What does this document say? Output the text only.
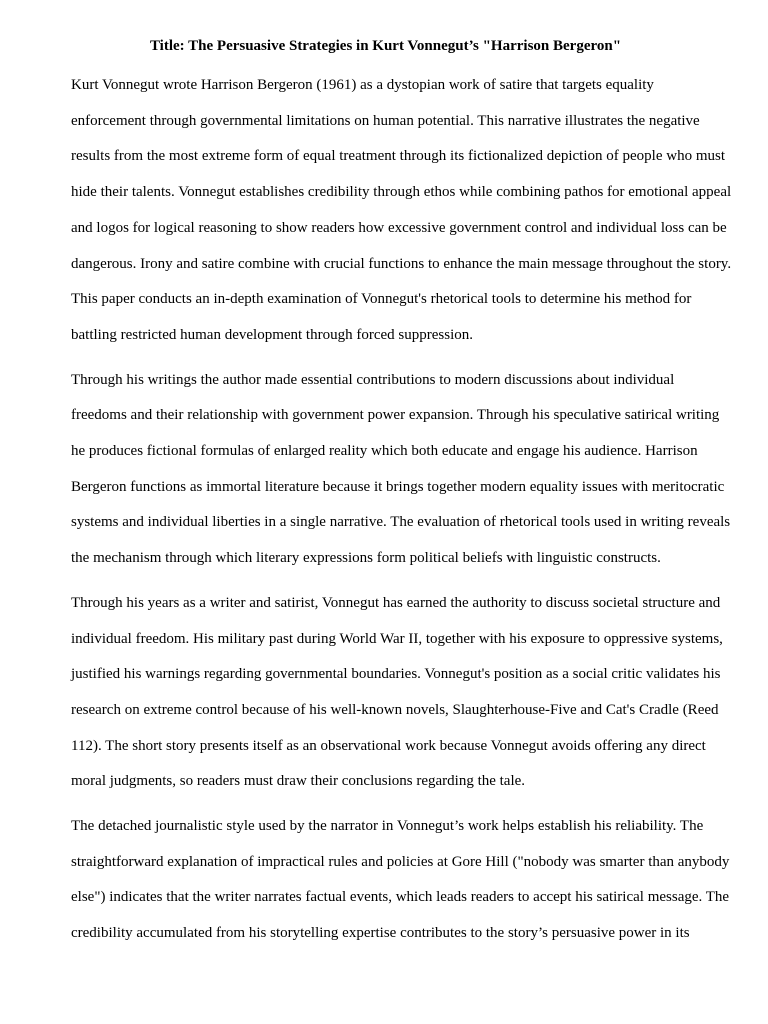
Title: The Persuasive Strategies in Kurt Vonnegut’s "Harrison Bergeron"

Kurt Vonnegut wrote Harrison Bergeron (1961) as a dystopian work of satire that targets equality enforcement through governmental limitations on human potential. This narrative illustrates the negative results from the most extreme form of equal treatment through its fictionalized depiction of people who must hide their talents. Vonnegut establishes credibility through ethos while combining pathos for emotional appeal and logos for logical reasoning to show readers how excessive government control and individual loss can be dangerous. Irony and satire combine with crucial functions to enhance the main message throughout the story. This paper conducts an in-depth examination of Vonnegut's rhetorical tools to determine his method for battling restricted human development through forced suppression.

Through his writings the author made essential contributions to modern discussions about individual freedoms and their relationship with government power expansion. Through his speculative satirical writing he produces fictional formulas of enlarged reality which both educate and engage his audience. Harrison Bergeron functions as immortal literature because it brings together modern equality issues with meritocratic systems and individual liberties in a single narrative. The evaluation of rhetorical tools used in writing reveals the mechanism through which literary expressions form political beliefs with linguistic constructs.

Through his years as a writer and satirist, Vonnegut has earned the authority to discuss societal structure and individual freedom. His military past during World War II, together with his exposure to oppressive systems, justified his warnings regarding governmental boundaries. Vonnegut's position as a social critic validates his research on extreme control because of his well-known novels, Slaughterhouse-Five and Cat's Cradle (Reed 112). The short story presents itself as an observational work because Vonnegut avoids offering any direct moral judgments, so readers must draw their conclusions regarding the tale.

The detached journalistic style used by the narrator in Vonnegut’s work helps establish his reliability. The straightforward explanation of impractical rules and policies at Gore Hill ("nobody was smarter than anybody else") indicates that the writer narrates factual events, which leads readers to accept his satirical message. The credibility accumulated from his storytelling expertise contributes to the story’s persuasive power in its
